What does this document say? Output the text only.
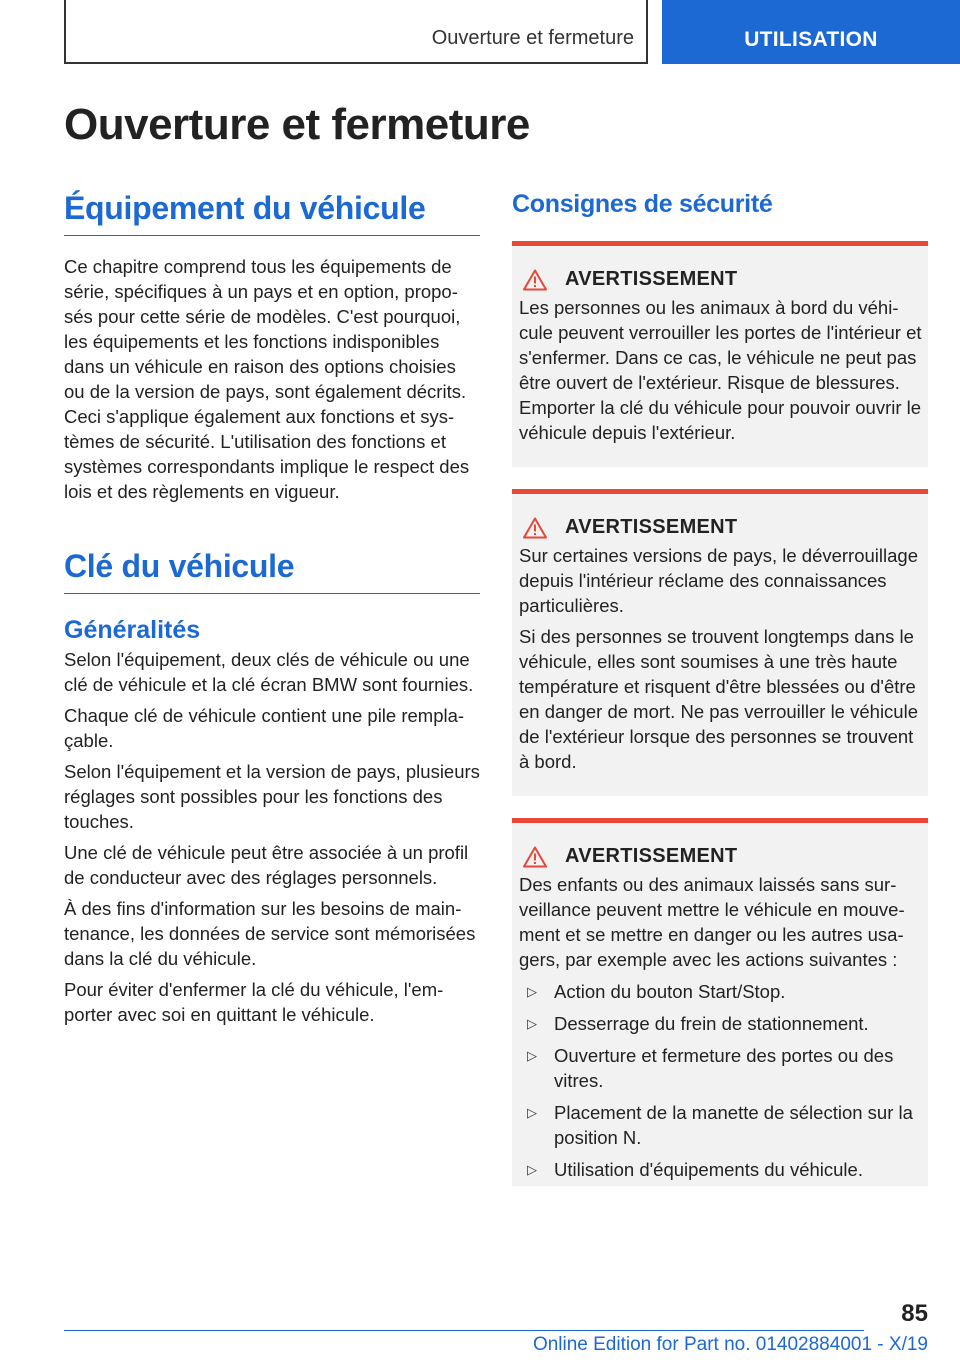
Ouverture et fermeture	UTILISATION
Ouverture et fermeture
Équipement du véhicule

Ce chapitre comprend tous les équipements de série, spécifiques à un pays et en option, proposés pour cette série de modèles. C'est pourquoi, les équipements et les fonctions indisponibles dans un véhicule en raison des options choisies ou de la version de pays, sont également décrits. Ceci s'applique également aux fonctions et systèmes de sécurité. L'utilisation des fonctions et systèmes correspondants implique le respect des lois et des règlements en vigueur.

Clé du véhicule
Généralités

Selon l'équipement, deux clés de véhicule ou une clé de véhicule et la clé écran BMW sont fournies.

Chaque clé de véhicule contient une pile remplaçable.

Selon l'équipement et la version de pays, plusieurs réglages sont possibles pour les fonctions des touches.

Une clé de véhicule peut être associée à un profil de conducteur avec des réglages personnels.

À des fins d'information sur les besoins de maintenance, les données de service sont mémorisées dans la clé du véhicule.

Pour éviter d'enfermer la clé du véhicule, l'emporter avec soi en quittant le véhicule.

Consignes de sécurité
AVERTISSEMENT

Les personnes ou les animaux à bord du véhicule peuvent verrouiller les portes de l'intérieur et s'enfermer. Dans ce cas, le véhicule ne peut pas être ouvert de l'extérieur. Risque de blessures. Emporter la clé du véhicule pour pouvoir ouvrir le véhicule depuis l'extérieur.

AVERTISSEMENT

Sur certaines versions de pays, le déverrouillage depuis l'intérieur réclame des connaissances particulières.

Si des personnes se trouvent longtemps dans le véhicule, elles sont soumises à une très haute température et risquent d'être blessées ou d'être en danger de mort. Ne pas verrouiller le véhicule de l'extérieur lorsque des personnes se trouvent à bord.

AVERTISSEMENT

Des enfants ou des animaux laissés sans surveillance peuvent mettre le véhicule en mouvement et se mettre en danger ou les autres usagers, par exemple avec les actions suivantes :

▷ Action du bouton Start/Stop.
▷ Desserrage du frein de stationnement.
▷ Ouverture et fermeture des portes ou des vitres.
▷ Placement de la manette de sélection sur la position N.
▷ Utilisation d'équipements du véhicule.
85
Online Edition for Part no. 01402884001 - X/19
